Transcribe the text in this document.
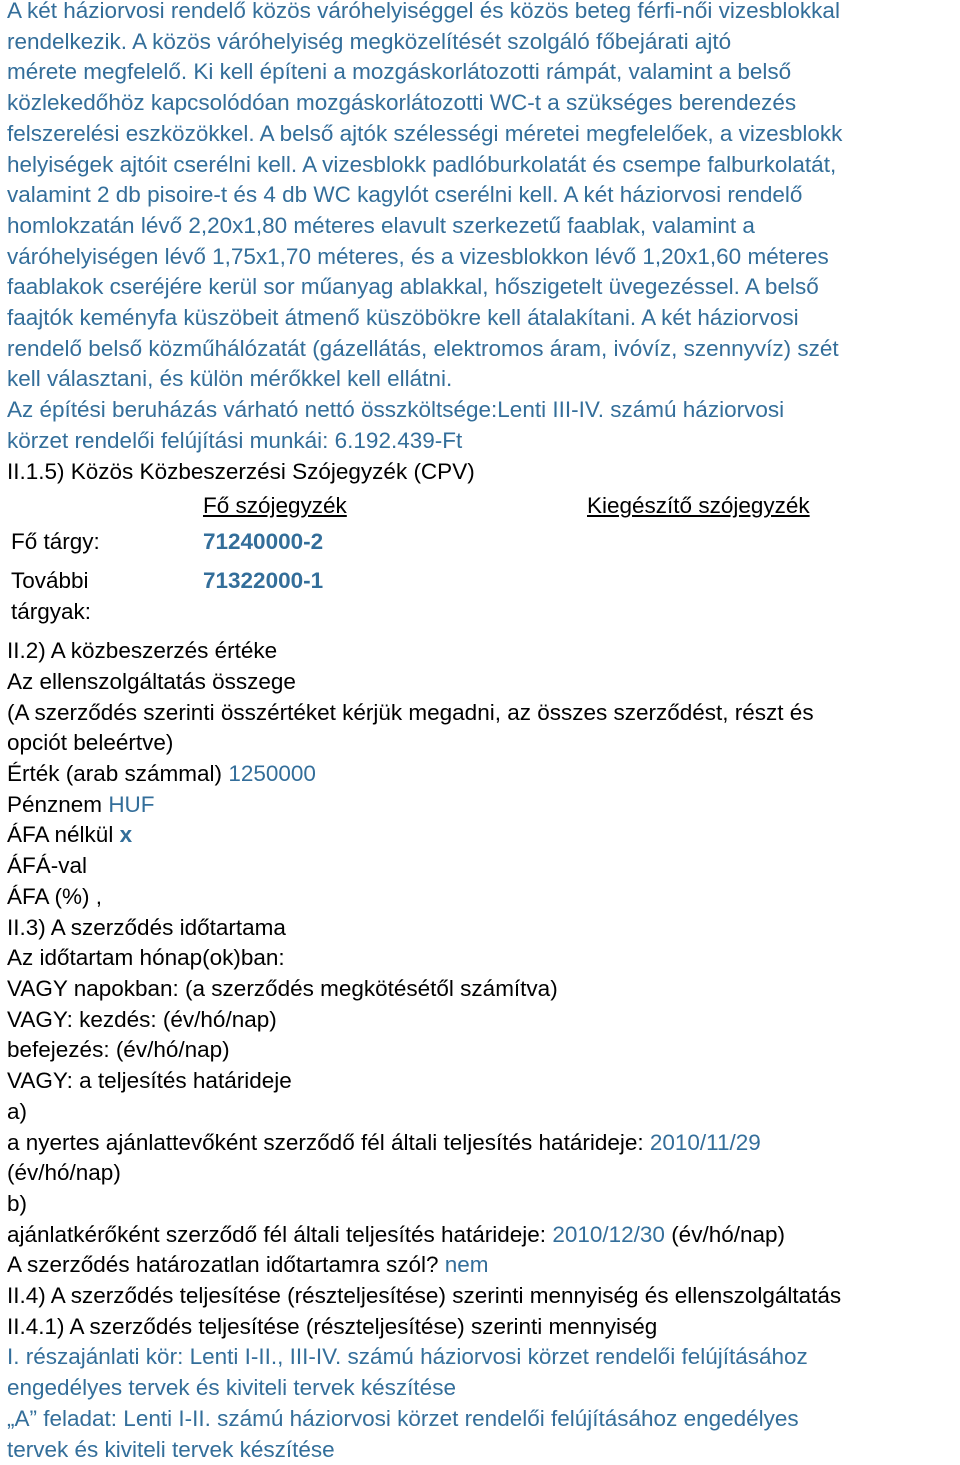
A két háziorvosi rendelő közös váróhelyiséggel és közös beteg férfi-női vizesblokkal

rendelkezik. A közös váróhelyiség megközelítését szolgáló főbejárati ajtó

mérete megfelelő. Ki kell építeni a mozgáskorlátozotti rámpát, valamint a belső

közlekedőhöz kapcsolódóan mozgáskorlátozotti WC-t a szükséges berendezés

felszerelési eszközökkel. A belső ajtók szélességi méretei megfelelőek, a vizesblokk

helyiségek ajtóit cserélni kell. A vizesblokk padlóburkolatát és csempe falburkolatát,

valamint 2 db pisoire-t és 4 db WC kagylót cserélni kell. A két háziorvosi rendelő

homlokzatán lévő 2,20x1,80 méteres elavult szerkezetű faablak, valamint a

váróhelyiségen lévő 1,75x1,70 méteres, és a vizesblokkon lévő 1,20x1,60 méteres

faablakok cseréjére kerül sor műanyag ablakkal, hőszigetelt üvegezéssel. A belső

faajtók keményfa küszöbeit átmenő küszöbökre kell átalakítani. A két háziorvosi

rendelő belső közműhálózatát (gázellátás, elektromos áram, ivóvíz, szennyvíz) szét

kell választani, és külön mérőkkel kell ellátni.

Az építési beruházás várható nettó összköltsége:Lenti III-IV. számú háziorvosi

körzet rendelői felújítási munkái: 6.192.439-Ft

II.1.5) Közös Közbeszerzési Szójegyzék (CPV)

Fő szójegyzék	Kiegészítő szójegyzék
Fő tárgy:	71240000-2
További
tárgyak:
71322000-1

II.2) A közbeszerzés értéke

Az ellenszolgáltatás összege

(A szerződés szerinti összértéket kérjük megadni, az összes szerződést, részt és

opciót beleértve)

Érték (arab számmal) 1250000

Pénznem HUF

ÁFA nélkül x

ÁFÁ-val

ÁFA (%) ,

II.3) A szerződés időtartama

Az időtartam hónap(ok)ban:

VAGY napokban: (a szerződés megkötésétől számítva)

VAGY: kezdés: (év/hó/nap)

befejezés: (év/hó/nap)

VAGY: a teljesítés határideje

a)

a nyertes ajánlattevőként szerződő fél általi teljesítés határideje: 2010/11/29

(év/hó/nap)

b)

ajánlatkérőként szerződő fél általi teljesítés határideje: 2010/12/30 (év/hó/nap)

A szerződés határozatlan időtartamra szól? nem

II.4) A szerződés teljesítése (részteljesítése) szerinti mennyiség és ellenszolgáltatás

II.4.1) A szerződés teljesítése (részteljesítése) szerinti mennyiség

I. részajánlati kör: Lenti I-II., III-IV. számú háziorvosi körzet rendelői felújításához

engedélyes tervek és kiviteli tervek készítése

„A” feladat: Lenti I-II. számú háziorvosi körzet rendelői felújításához engedélyes

tervek és kiviteli tervek készítése
